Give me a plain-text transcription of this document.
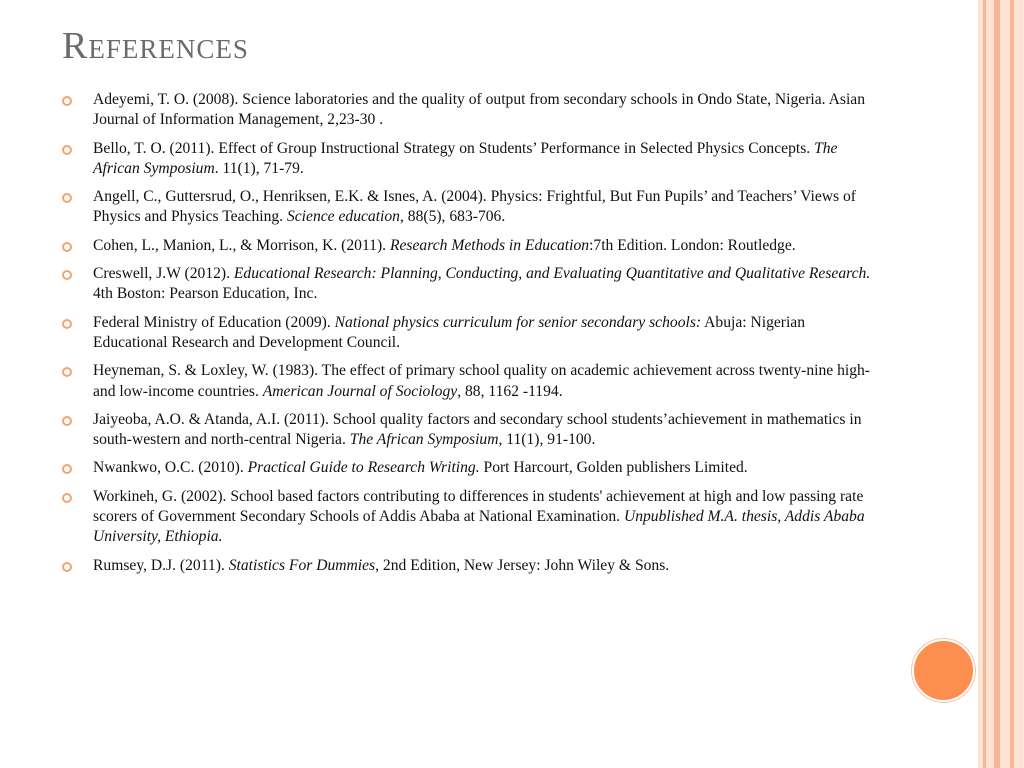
References
Adeyemi, T. O. (2008). Science laboratories and the quality of output from secondary schools in Ondo State, Nigeria. Asian Journal of Information Management, 2,23-30 .
Bello, T. O. (2011). Effect of Group Instructional Strategy on Students’ Performance in Selected Physics Concepts. The African Symposium. 11(1), 71-79.
Angell, C., Guttersrud, O., Henriksen, E.K. & Isnes, A. (2004). Physics: Frightful, But Fun Pupils’ and Teachers’ Views of Physics and Physics Teaching. Science education, 88(5), 683-706.
Cohen, L., Manion, L., & Morrison, K. (2011). Research Methods in Education:7th Edition. London: Routledge.
Creswell, J.W (2012). Educational Research: Planning, Conducting, and Evaluating Quantitative and Qualitative Research. 4th Boston: Pearson Education, Inc.
Federal Ministry of Education (2009). National physics curriculum for senior secondary schools: Abuja: Nigerian Educational Research and Development Council.
Heyneman, S. & Loxley, W. (1983). The effect of primary school quality on academic achievement across twenty-nine high- and low-income countries. American Journal of Sociology, 88, 1162 -1194.
Jaiyeoba, A.O. & Atanda, A.I. (2011). School quality factors and secondary school students’achievement in mathematics in south-western and north-central Nigeria. The African Symposium, 11(1), 91-100.
Nwankwo, O.C. (2010). Practical Guide to Research Writing. Port Harcourt, Golden publishers Limited.
Workineh, G. (2002). School based factors contributing to differences in students' achievement at high and low passing rate scorers of Government Secondary Schools of Addis Ababa at National Examination. Unpublished M.A. thesis, Addis Ababa University, Ethiopia.
Rumsey, D.J. (2011). Statistics For Dummies, 2nd Edition, New Jersey: John Wiley & Sons.
